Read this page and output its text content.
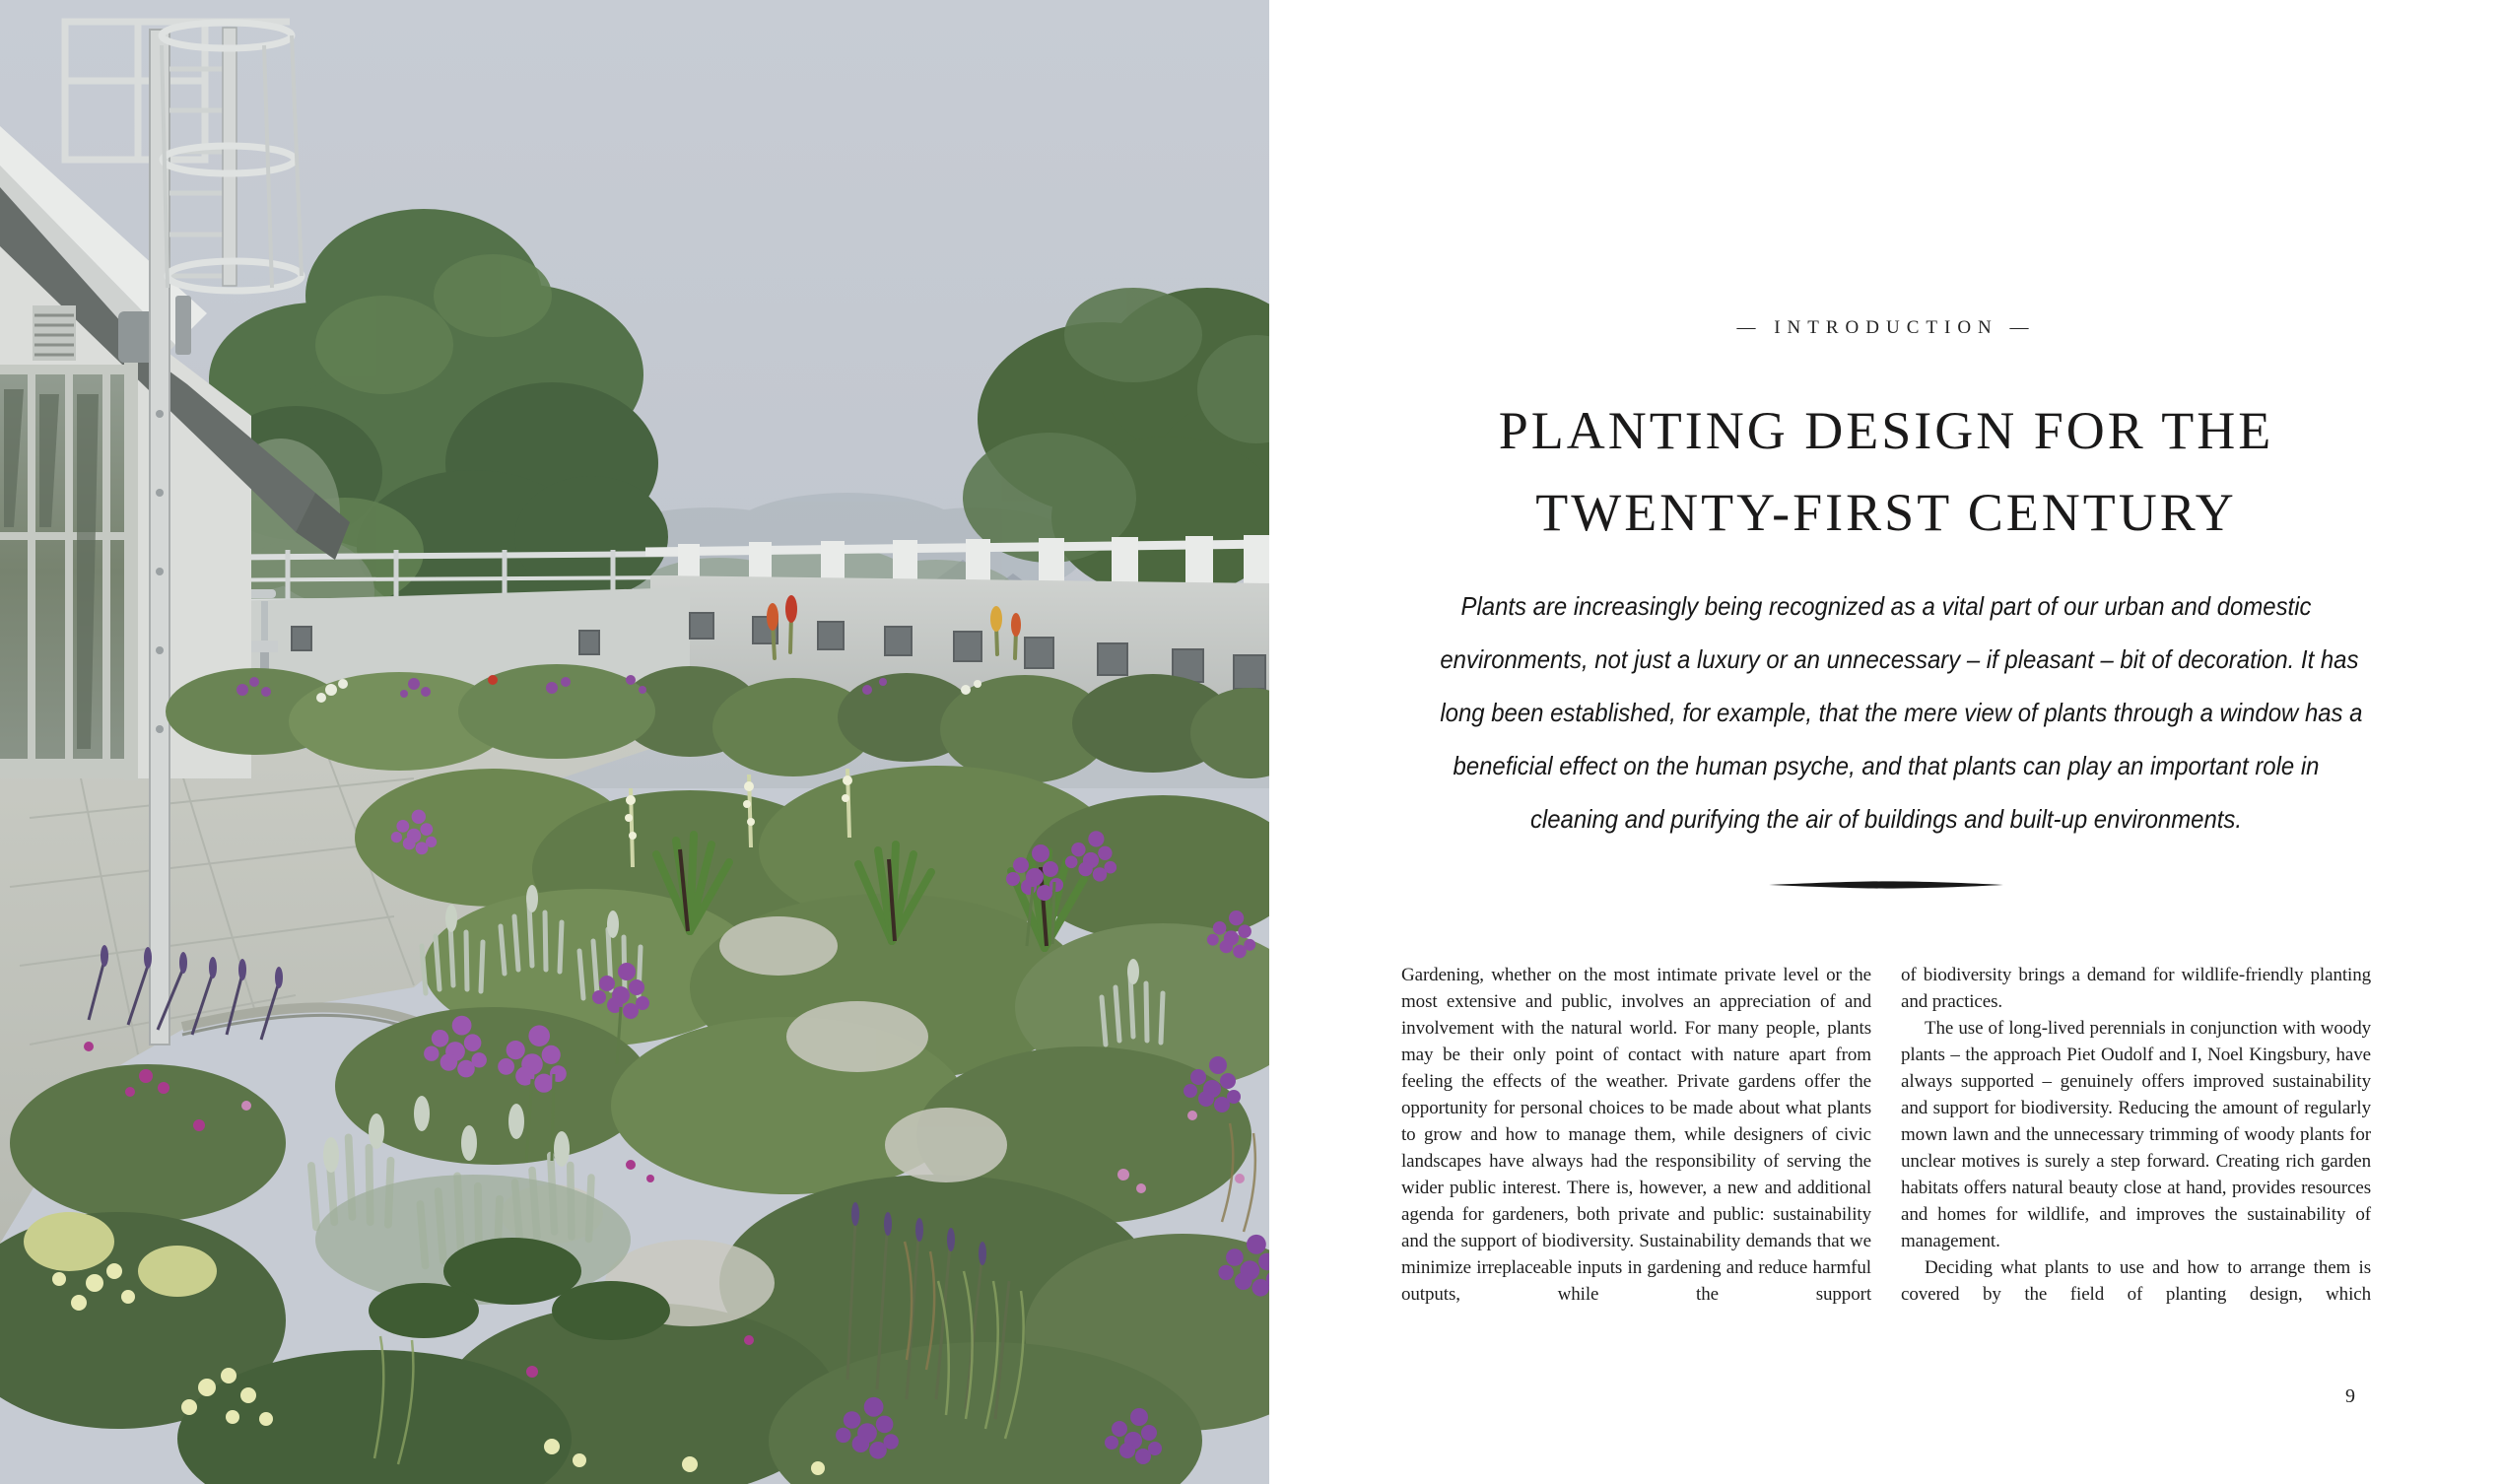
— INTRODUCTION —
PLANTING DESIGN FOR THE
TWENTY-FIRST CENTURY
Plants are increasingly being recognized as a vital part of our urban and domestic
environments, not just a luxury or an unnecessary – if pleasant – bit of decoration. It has
long been established, for example, that the mere view of plants through a window has a
beneficial effect on the human psyche, and that plants can play an important role in
cleaning and purifying the air of buildings and built-up environments.

Gardening, whether on the most intimate private level or the most extensive and public, involves an appreciation of and involvement with the natural world. For many people, plants may be their only point of contact with nature apart from feeling the effects of the weather. Private gardens offer the opportunity for personal choices to be made about what plants to grow and how to manage them, while designers of civic landscapes have always had the responsibility of serving the wider public interest. There is, however, a new and additional agenda for gardeners, both private and public: sustainability and the support of biodiversity. Sustainability demands that we minimize irreplaceable inputs in gardening and reduce harmful outputs, while the support

of biodiversity brings a demand for wildlife-friendly planting and practices.

The use of long-lived perennials in conjunction with woody plants – the approach Piet Oudolf and I, Noel Kingsbury, have always supported – genuinely offers improved sustainability and support for biodiversity. Reducing the amount of regularly mown lawn and the unnecessary trimming of woody plants for unclear motives is surely a step forward. Creating rich garden habitats offers natural beauty close at hand, provides resources and homes for wildlife, and improves the sustainability of management.

Deciding what plants to use and how to arrange them is covered by the field of planting design, which

9
